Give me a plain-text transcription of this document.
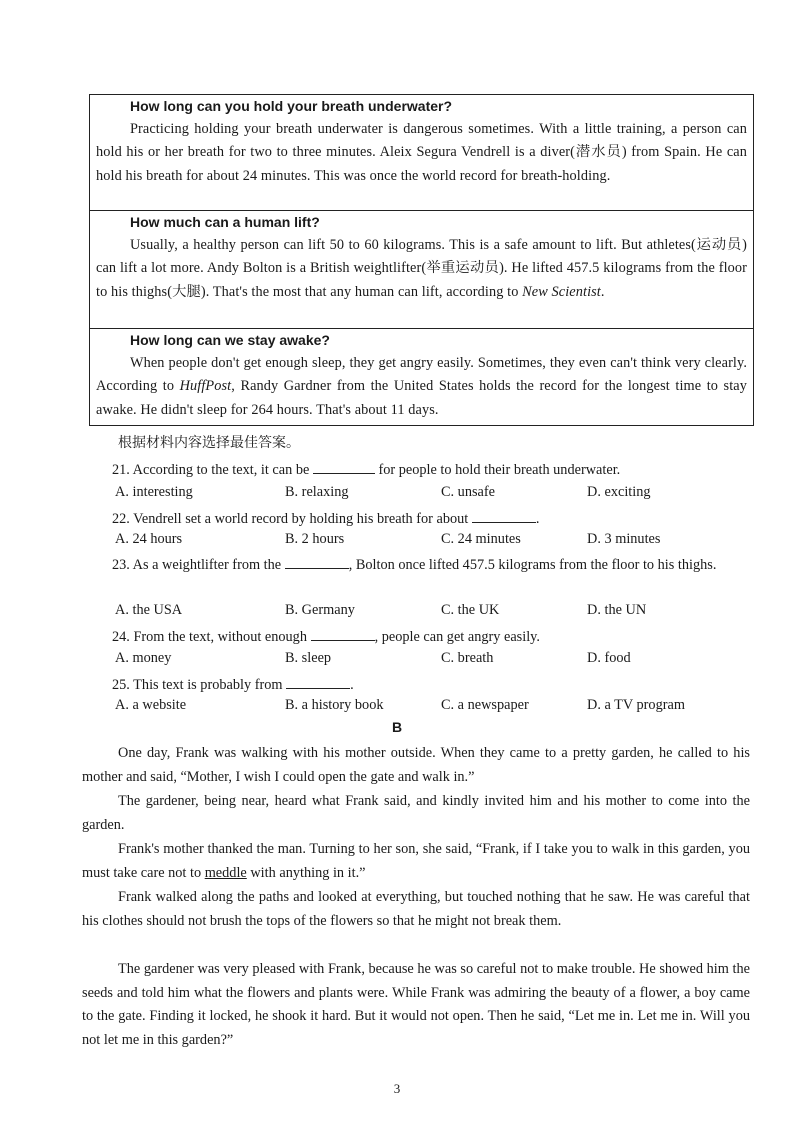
How long can you hold your breath underwater?

Practicing holding your breath underwater is dangerous sometimes. With a little training, a person can hold his or her breath for two to three minutes. Aleix Segura Vendrell is a diver(潜水员) from Spain. He can hold his breath for about 24 minutes. This was once the world record for breath-holding.

How much can a human lift?

Usually, a healthy person can lift 50 to 60 kilograms. This is a safe amount to lift. But athletes(运动员) can lift a lot more. Andy Bolton is a British weightlifter(举重运动员). He lifted 457.5 kilograms from the floor to his thighs(大腿). That's the most that any human can lift, according to New Scientist.

How long can we stay awake?

When people don't get enough sleep, they get angry easily. Sometimes, they even can't think very clearly. According to HuffPost, Randy Gardner from the United States holds the record for the longest time to stay awake. He didn't sleep for 264 hours. That's about 11 days.

根据材料内容选择最佳答案。
21. According to the text, it can be	for people to hold their breath underwater.
A. interesting	B. relaxing	C. unsafe	D. exciting
22. Vendrell set a world record by holding his breath for about	.
A. 24 hours	B. 2 hours	C. 24 minutes	D. 3 minutes
23. As a weightlifter from the	, Bolton once lifted 457.5 kilograms from the floor to his thighs.
A. the USA	B. Germany	C. the UK	D. the UN
24. From the text, without enough	, people can get angry easily.
A. money	B. sleep	C. breath	D. food
25. This text is probably from	.
A. a website	B. a history book	C. a newspaper	D. a TV program
B

One day, Frank was walking with his mother outside. When they came to a pretty garden, he called to his mother and said, “Mother, I wish I could open the gate and walk in.”

The gardener, being near, heard what Frank said, and kindly invited him and his mother to come into the garden.

Frank's mother thanked the man. Turning to her son, she said, “Frank, if I take you to walk in this garden, you must take care not to meddle with anything in it.”

Frank walked along the paths and looked at everything, but touched nothing that he saw. He was careful that his clothes should not brush the tops of the flowers so that he might not break them.

The gardener was very pleased with Frank, because he was so careful not to make trouble. He showed him the seeds and told him what the flowers and plants were. While Frank was admiring the beauty of a flower, a boy came to the gate. Finding it locked, he shook it hard. But it would not open. Then he said, “Let me in. Let me in. Will you not let me in this garden?”

3
